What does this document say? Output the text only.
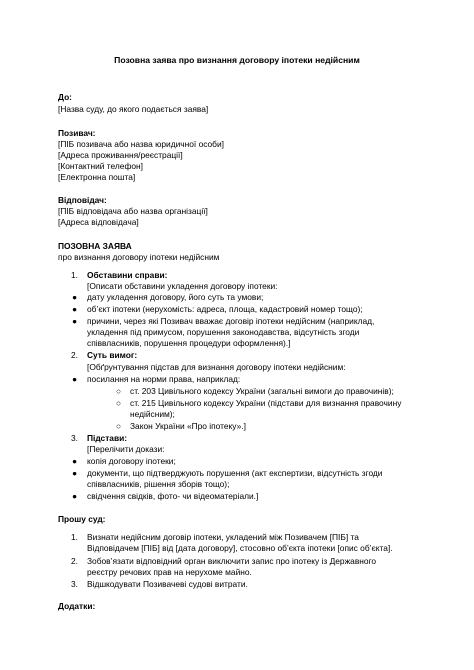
Позовна заява про визнання договору іпотеки недійсним
До:
[Назва суду, до якого подається заява]
Позивач:
[ПІБ позивача або назва юридичної особи]
[Адреса проживання/реєстрації]
[Контактний телефон]
[Електронна пошта]
Відповідач:
[ПІБ відповідача або назва організації]
[Адреса відповідача]
ПОЗОВНА ЗАЯВА
про визнання договору іпотеки недійсним
1. Обставини справи:
[Описати обставини укладення договору іпотеки:
● дату укладення договору, його суть та умови;
● об’єкт іпотеки (нерухомість: адреса, площа, кадастровий номер тощо);
● причини, через які Позивач вважає договір іпотеки недійсним (наприклад,
укладення під примусом, порушення законодавства, відсутність згоди
співвласників, порушення процедури оформлення).]
2. Суть вимог:
[Обґрунтування підстав для визнання договору іпотеки недійсним:
● посилання на норми права, наприклад:
○ ст. 203 Цивільного кодексу України (загальні вимоги до правочинів);
○ ст. 215 Цивільного кодексу України (підстави для визнання правочину
недійсним);
○ Закон України «Про іпотеку».]
3. Підстави:
[Перелічити докази:
● копія договору іпотеки;
● документи, що підтверджують порушення (акт експертизи, відсутність згоди
співвласників, рішення зборів тощо);
● свідчення свідків, фото- чи відеоматеріали.]
Прошу суд:
1. Визнати недійсним договір іпотеки, укладений між Позивачем [ПІБ] та
Відповідачем [ПІБ] від [дата договору], стосовно об’єкта іпотеки [опис об’єкта].
2. Зобов’язати відповідний орган виключити запис про іпотеку із Державного
реєстру речових прав на нерухоме майно.
3. Відшкодувати Позивачеві судові витрати.
Додатки:
